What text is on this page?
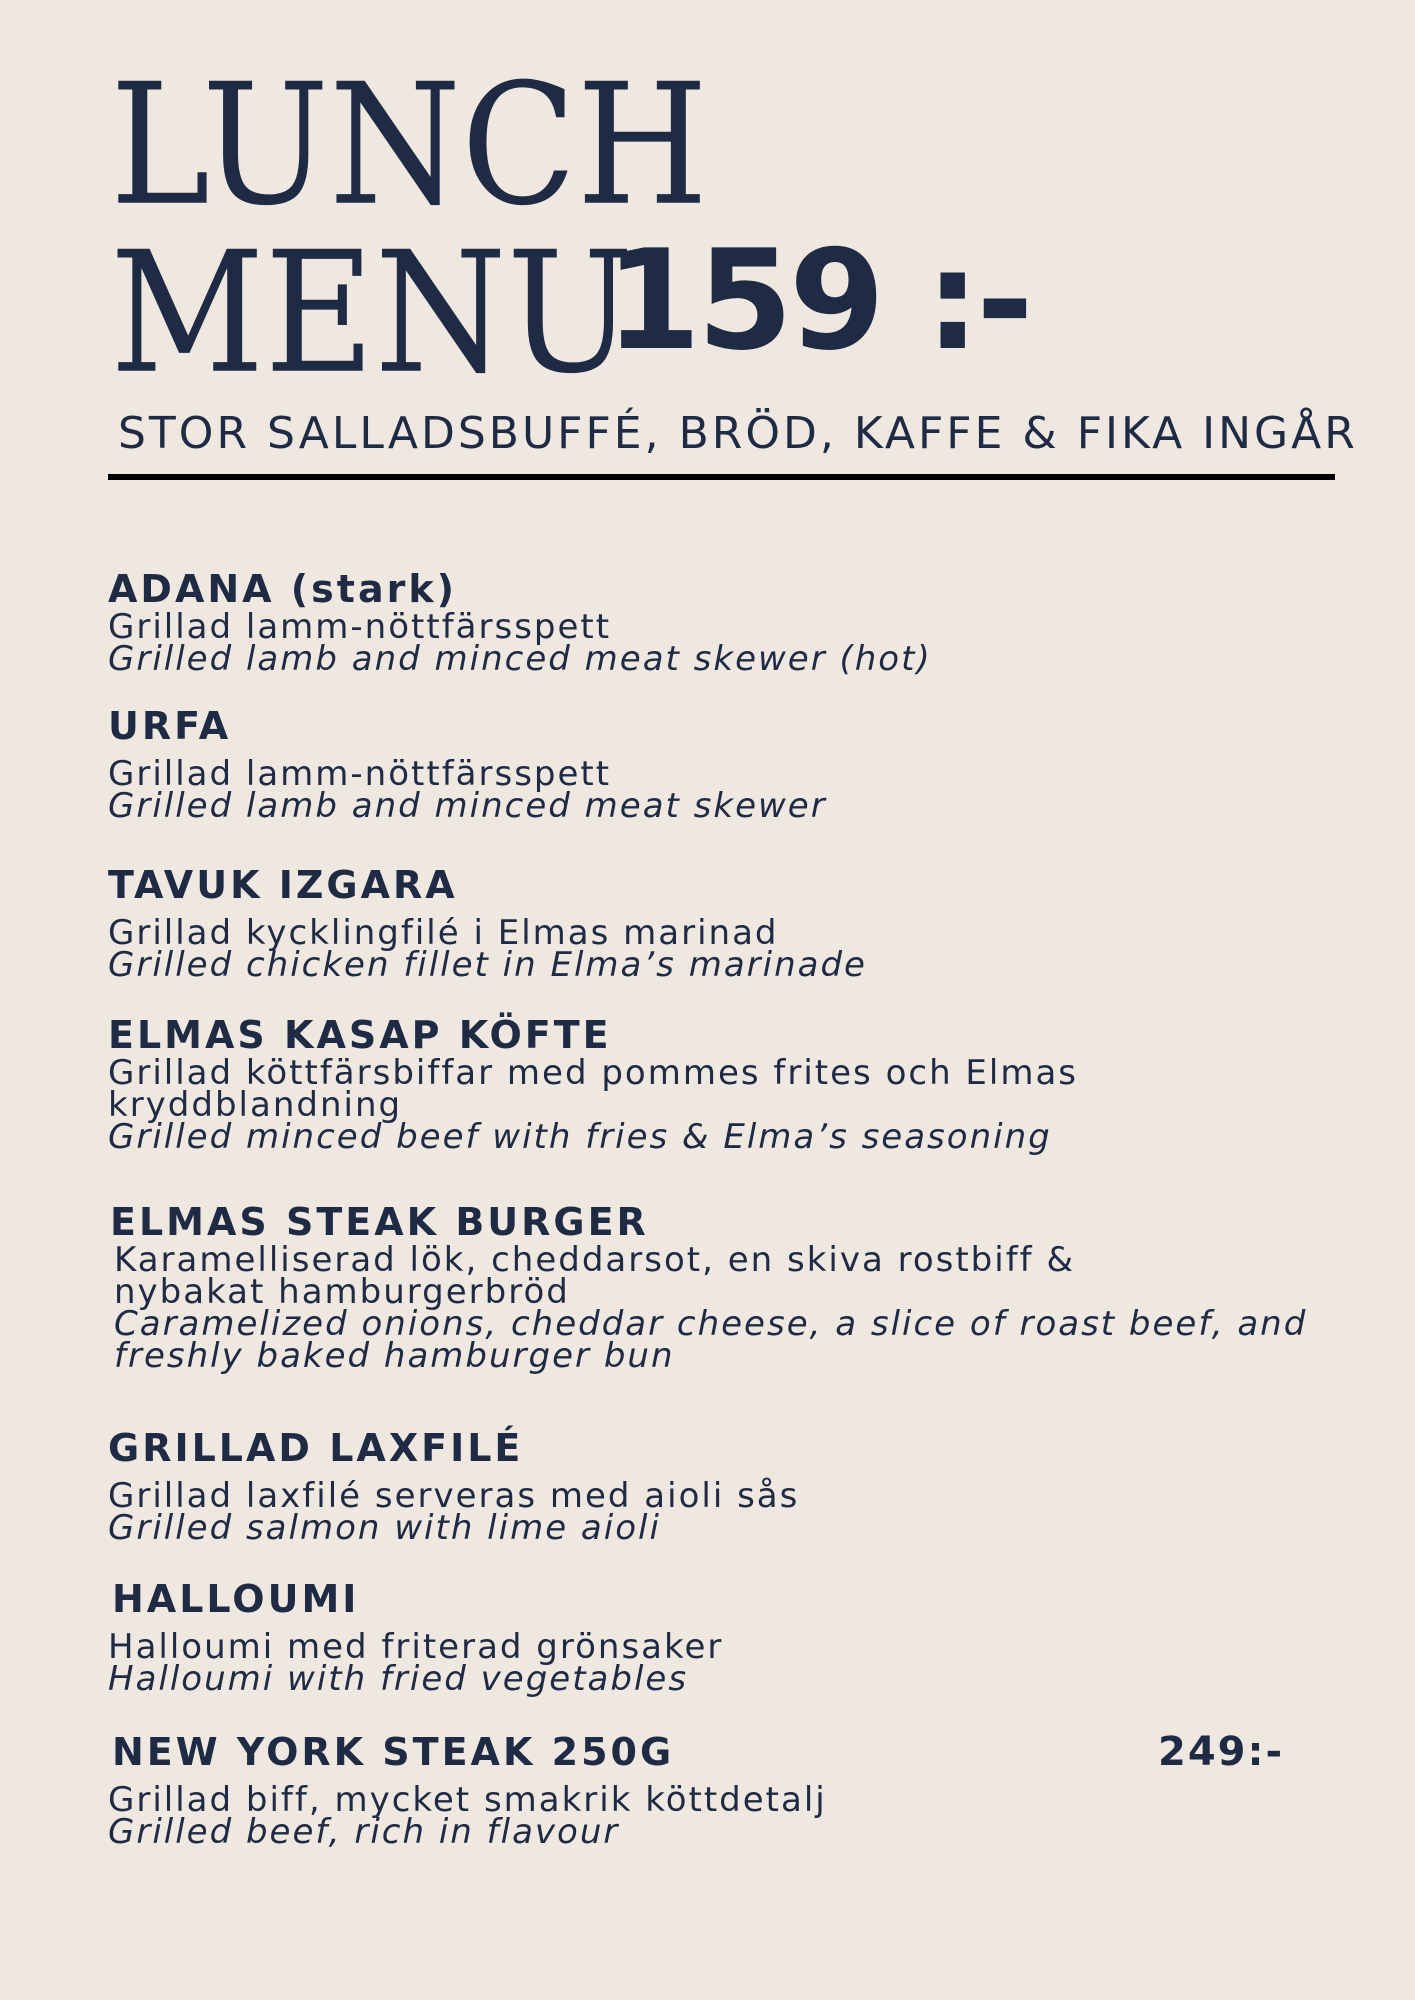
LUNCH
MENU
159 :-
STOR SALLADSBUFFÉ, BRÖD, KAFFE & FIKA INGÅR
ADANA (stark)
Grillad lamm-nöttfärsspett
Grilled lamb and minced meat skewer (hot)
URFA
Grillad lamm-nöttfärsspett
Grilled lamb and minced meat skewer
TAVUK IZGARA
Grillad kycklingfilé i Elmas marinad
Grilled chicken fillet in Elma’s marinade
ELMAS KASAP KÖFTE
Grillad köttfärsbiffar med pommes frites och Elmas kryddblandning
Grilled minced beef with fries & Elma’s seasoning
ELMAS STEAK BURGER
Karamelliserad lök, cheddarsot, en skiva rostbiff & nybakat hamburgerbröd
Caramelized onions, cheddar cheese, a slice of roast beef, and freshly baked hamburger bun
GRILLAD LAXFILÉ
Grillad laxfilé serveras med aioli sås
Grilled salmon with lime aioli
HALLOUMI
Halloumi med friterad grönsaker
Halloumi with fried vegetables
NEW YORK STEAK 250G
Grillad biff, mycket smakrik köttdetalj
Grilled beef, rich in flavour
249:-
